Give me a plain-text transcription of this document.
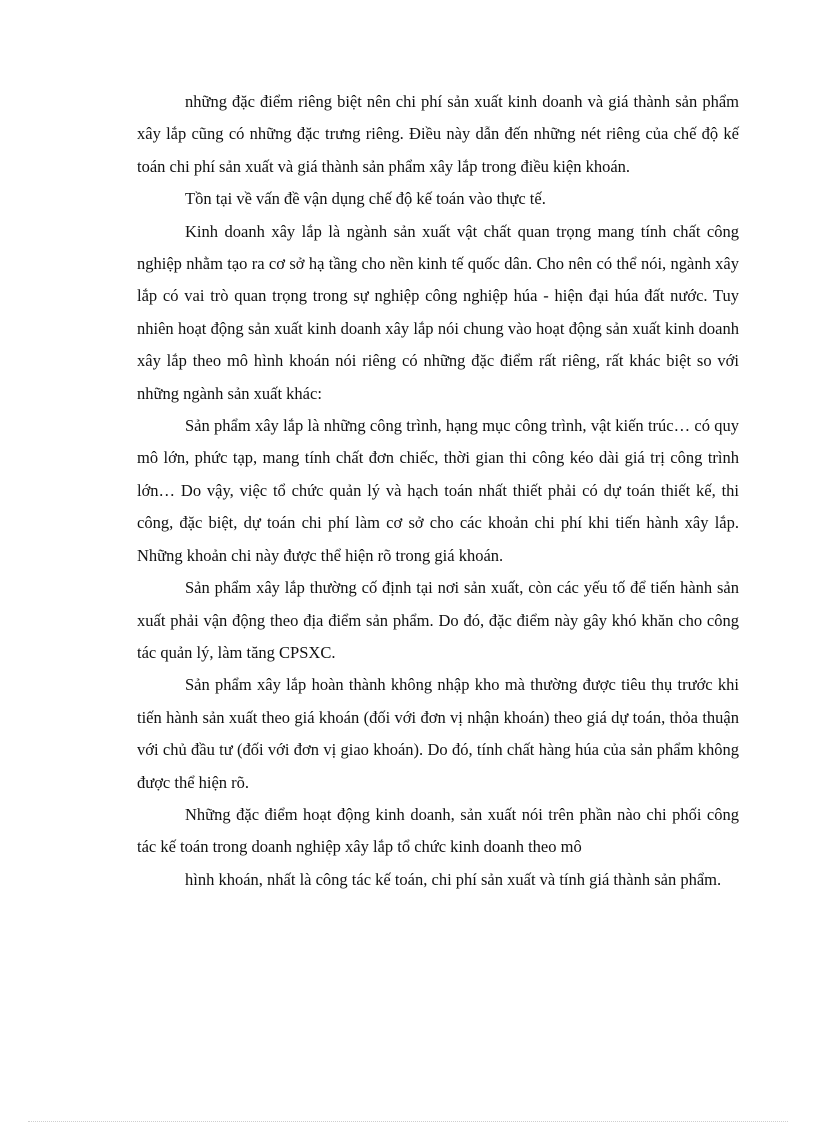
những đặc điểm riêng biệt nên chi phí sản xuất kinh doanh và giá thành sản phẩm xây lắp cũng có những đặc trưng riêng. Điều này dẫn đến những nét riêng của chế độ kế toán chi phí sản xuất và giá thành sản phẩm xây lắp trong điều kiện khoán.

Tồn tại về vấn đề vận dụng chế độ kế toán vào thực tế.

Kinh doanh xây lắp là ngành sản xuất vật chất quan trọng mang tính chất công nghiệp nhằm tạo ra cơ sở hạ tầng cho nền kinh tế quốc dân. Cho nên có thể nói, ngành xây lắp có vai trò quan trọng trong sự nghiệp công nghiệp húa - hiện đại húa đất nước. Tuy nhiên hoạt động sản xuất kinh doanh xây lắp nói chung vào hoạt động sản xuất kinh doanh xây lắp theo mô hình khoán nói riêng có những đặc điểm rất riêng, rất khác biệt so với những ngành sản xuất khác:

Sản phẩm xây lắp là những công trình, hạng mục công trình, vật kiến trúc… có quy mô lớn, phức tạp, mang tính chất đơn chiếc, thời gian thi công kéo dài giá trị công trình lớn… Do vậy, việc tổ chức quản lý và hạch toán nhất thiết phải có dự toán thiết kế, thi công, đặc biệt, dự toán chi phí làm cơ sở cho các khoản chi phí khi tiến hành xây lắp. Những khoản chi này được thể hiện rõ trong giá khoán.

Sản phẩm xây lắp thường cố định tại nơi sản xuất, còn các yếu tố để tiến hành sản xuất phải vận động theo địa điểm sản phẩm. Do đó, đặc điểm này gây khó khăn cho công tác quản lý, làm tăng CPSXC.

Sản phẩm xây lắp hoàn thành không nhập kho mà thường được tiêu thụ trước khi tiến hành sản xuất theo giá khoán (đối với đơn vị nhận khoán) theo giá dự toán, thỏa thuận với chủ đầu tư (đối với đơn vị giao khoán). Do đó, tính chất hàng húa của sản phẩm không được thể hiện rõ.

Những đặc điểm hoạt động kinh doanh, sản xuất nói trên phần nào chi phối công tác kế toán trong doanh nghiệp xây lắp tổ chức kinh doanh theo mô

hình khoán, nhất là công tác kế toán, chi phí sản xuất và tính giá thành sản phẩm.
